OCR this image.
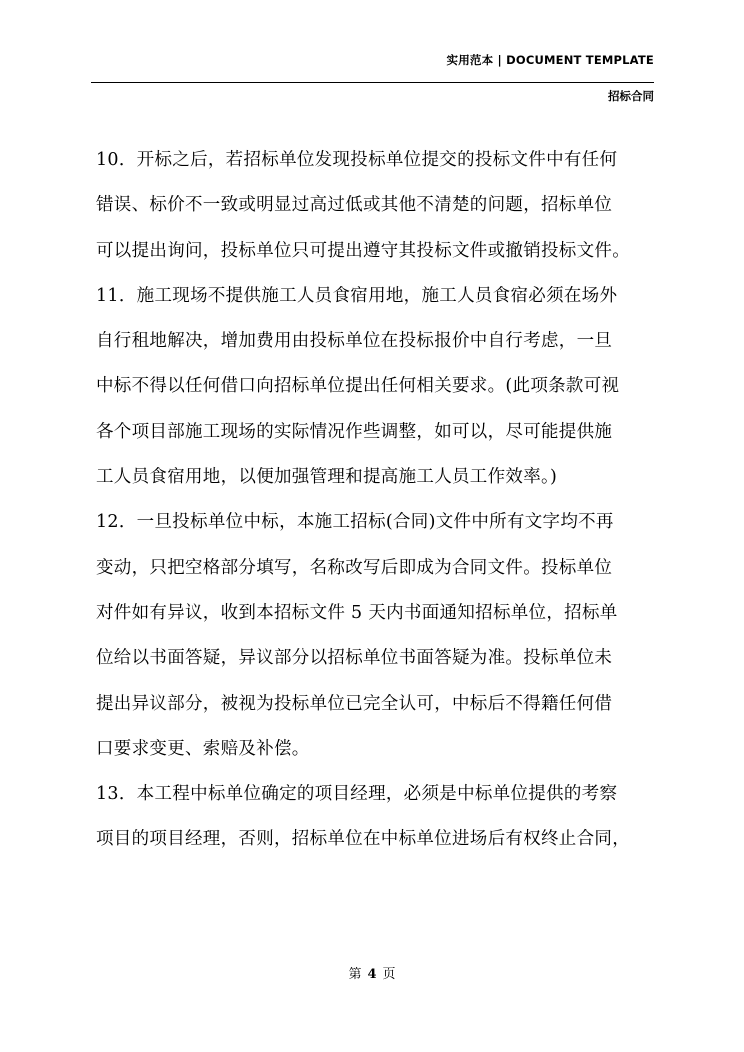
实用范本 | DOCUMENT TEMPLATE
招标合同
10．开标之后，若招标单位发现投标单位提交的投标文件中有任何
错误、标价不一致或明显过高过低或其他不清楚的问题，招标单位
可以提出询问，投标单位只可提出遵守其投标文件或撤销投标文件。
11．施工现场不提供施工人员食宿用地，施工人员食宿必须在场外
自行租地解决，增加费用由投标单位在投标报价中自行考虑，一旦
中标不得以任何借口向招标单位提出任何相关要求。(此项条款可视
各个项目部施工现场的实际情况作些调整，如可以，尽可能提供施
工人员食宿用地，以便加强管理和提高施工人员工作效率。)
12．一旦投标单位中标，本施工招标(合同)文件中所有文字均不再
变动，只把空格部分填写，名称改写后即成为合同文件。投标单位
对件如有异议，收到本招标文件 5 天内书面通知招标单位，招标单
位给以书面答疑，异议部分以招标单位书面答疑为准。投标单位未
提出异议部分，被视为投标单位已完全认可，中标后不得籍任何借
口要求变更、索赔及补偿。
13．本工程中标单位确定的项目经理，必须是中标单位提供的考察
项目的项目经理，否则，招标单位在中标单位进场后有权终止合同，
第 4 页
